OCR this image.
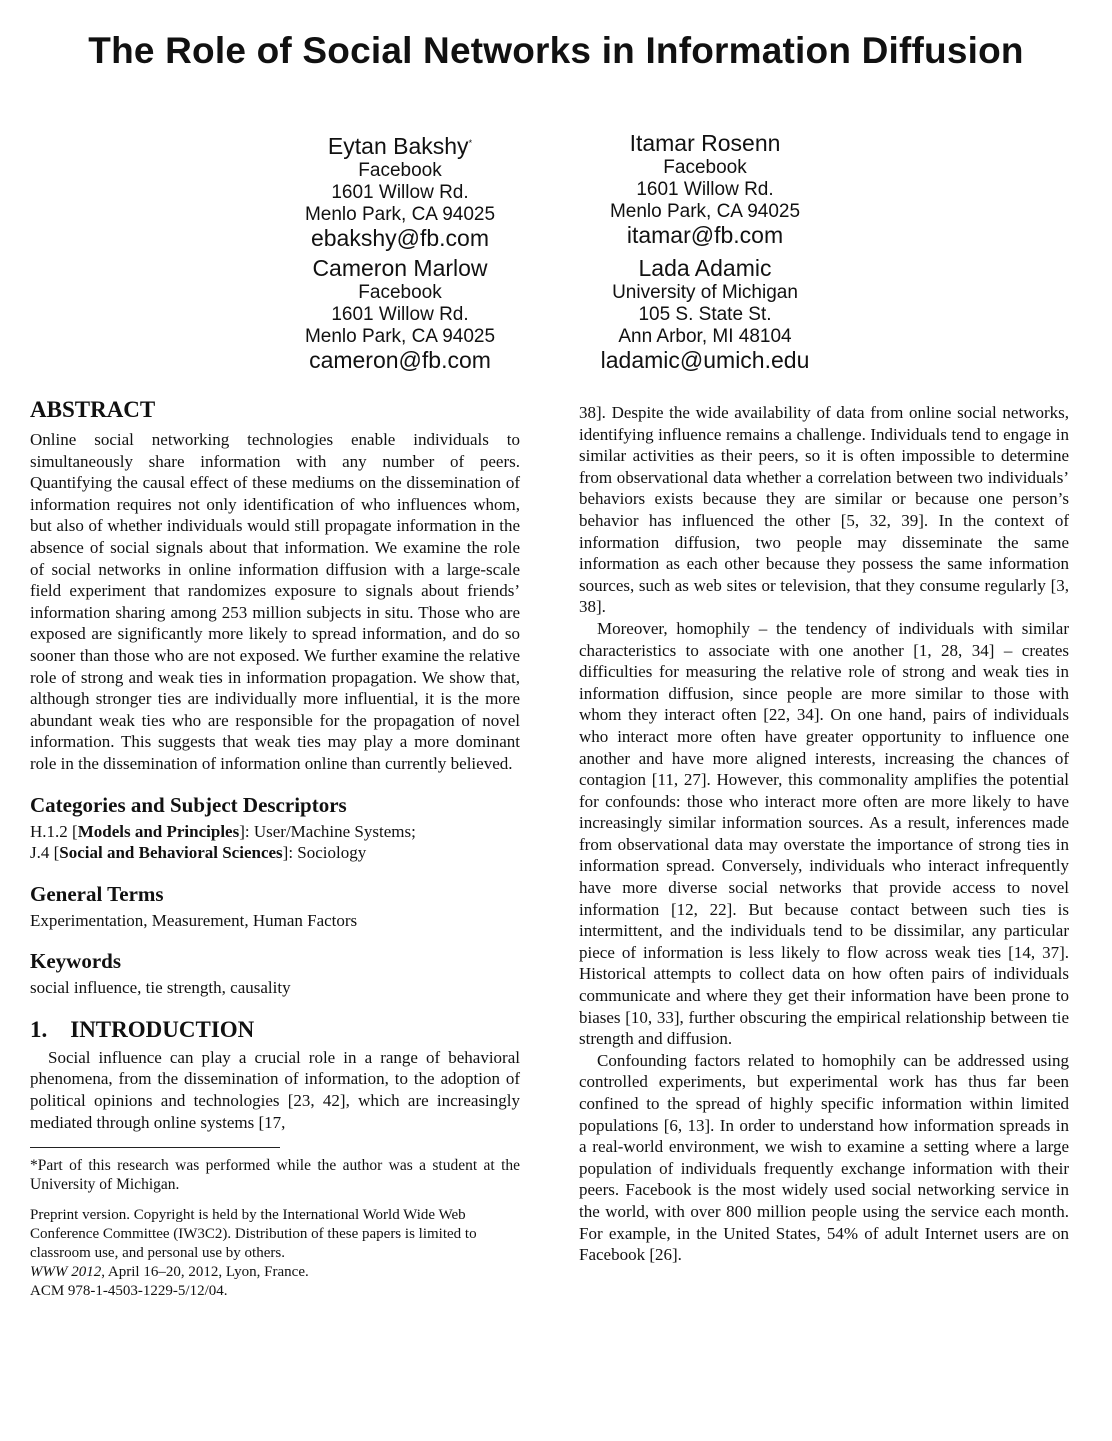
The Role of Social Networks in Information Diffusion
Eytan Bakshy*
Facebook
1601 Willow Rd.
Menlo Park, CA 94025
ebakshy@fb.com
Itamar Rosenn
Facebook
1601 Willow Rd.
Menlo Park, CA 94025
itamar@fb.com
Cameron Marlow
Facebook
1601 Willow Rd.
Menlo Park, CA 94025
cameron@fb.com
Lada Adamic
University of Michigan
105 S. State St.
Ann Arbor, MI 48104
ladamic@umich.edu
ABSTRACT

Online social networking technologies enable individuals to simultaneously share information with any number of peers. Quantifying the causal effect of these mediums on the dissemination of information requires not only identification of who influences whom, but also of whether individuals would still propagate information in the absence of social signals about that information. We examine the role of social networks in online information diffusion with a large-scale field experiment that randomizes exposure to signals about friends’ information sharing among 253 million subjects in situ. Those who are exposed are significantly more likely to spread information, and do so sooner than those who are not exposed. We further examine the relative role of strong and weak ties in information propagation. We show that, although stronger ties are individually more influential, it is the more abundant weak ties who are responsible for the propagation of novel information. This suggests that weak ties may play a more dominant role in the dissemination of information online than currently believed.

Categories and Subject Descriptors

H.1.2 [Models and Principles]: User/Machine Systems;

J.4 [Social and Behavioral Sciences]: Sociology

General Terms

Experimentation, Measurement, Human Factors

Keywords

social influence, tie strength, causality

1.    INTRODUCTION

Social influence can play a crucial role in a range of behavioral phenomena, from the dissemination of information, to the adoption of political opinions and technologies [23, 42], which are increasingly mediated through online systems [17,

*Part of this research was performed while the author was a student at the University of Michigan.

Preprint version. Copyright is held by the International World Wide Web Conference Committee (IW3C2). Distribution of these papers is limited to classroom use, and personal use by others.
WWW 2012, April 16–20, 2012, Lyon, France.
ACM 978-1-4503-1229-5/12/04.

38]. Despite the wide availability of data from online social networks, identifying influence remains a challenge. Individuals tend to engage in similar activities as their peers, so it is often impossible to determine from observational data whether a correlation between two individuals’ behaviors exists because they are similar or because one person’s behavior has influenced the other [5, 32, 39]. In the context of information diffusion, two people may disseminate the same information as each other because they possess the same information sources, such as web sites or television, that they consume regularly [3, 38].

Moreover, homophily – the tendency of individuals with similar characteristics to associate with one another [1, 28, 34] – creates difficulties for measuring the relative role of strong and weak ties in information diffusion, since people are more similar to those with whom they interact often [22, 34]. On one hand, pairs of individuals who interact more often have greater opportunity to influence one another and have more aligned interests, increasing the chances of contagion [11, 27]. However, this commonality amplifies the potential for confounds: those who interact more often are more likely to have increasingly similar information sources. As a result, inferences made from observational data may overstate the importance of strong ties in information spread. Conversely, individuals who interact infrequently have more diverse social networks that provide access to novel information [12, 22]. But because contact between such ties is intermittent, and the individuals tend to be dissimilar, any particular piece of information is less likely to flow across weak ties [14, 37]. Historical attempts to collect data on how often pairs of individuals communicate and where they get their information have been prone to biases [10, 33], further obscuring the empirical relationship between tie strength and diffusion.

Confounding factors related to homophily can be addressed using controlled experiments, but experimental work has thus far been confined to the spread of highly specific information within limited populations [6, 13]. In order to understand how information spreads in a real-world environment, we wish to examine a setting where a large population of individuals frequently exchange information with their peers. Facebook is the most widely used social networking service in the world, with over 800 million people using the service each month. For example, in the United States, 54% of adult Internet users are on Facebook [26].
